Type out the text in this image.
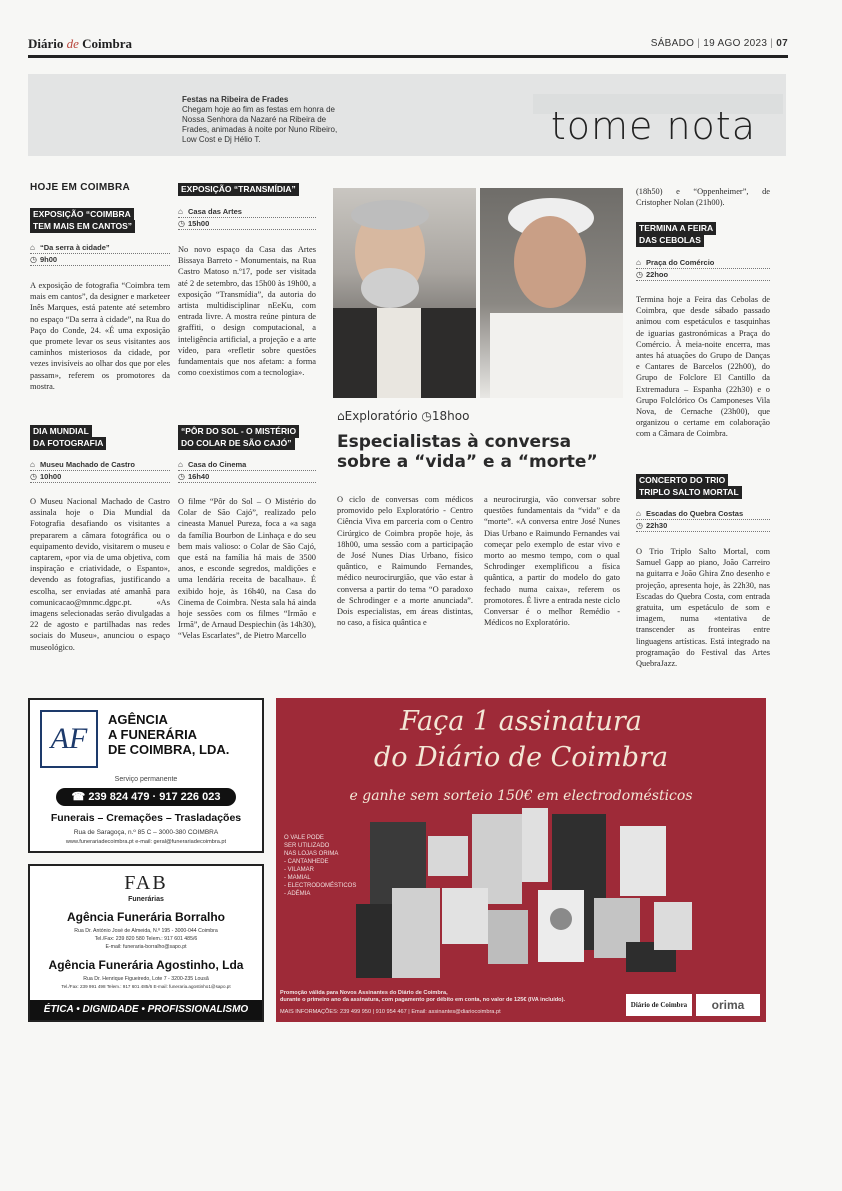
Diário de Coimbra	SÁBADO | 19 AGO 2023 | 07
Festas na Ribeira de Frades
Chegam hoje ao fim as festas em honra de Nossa Senhora da Nazaré na Ribeira de Frades, animadas à noite por Nuno Ribeiro, Low Cost e Dj Hélio T.	tome nota
HOJE EM COIMBRA
EXPOSIÇÃO “COIMBRA
TEM MAIS EM CANTOS”
⌂ “Da serra à cidade”
◷ 9h00
A exposição de fotografia “Coimbra tem mais em cantos”, da designer e marketeer Inês Marques, está patente até setembro no espaço “Da serra à cidade”, na Rua do Paço do Conde, 24. «É uma exposição que promete levar os seus visitantes aos caminhos misteriosos da cidade, por vezes invisíveis ao olhar dos que por eles passam», referem os promotores da mostra.
DIA MUNDIAL
DA FOTOGRAFIA
⌂ Museu Machado de Castro
◷ 10h00
O Museu Nacional Machado de Castro assinala hoje o Dia Mundial da Fotografia desafiando os visitantes a prepararem a câmara fotográfica ou o equipamento devido, visitarem o museu e captarem, «por via de uma objetiva, com inspiração e criatividade, o Espanto», devendo as fotografias, justificando a escolha, ser enviadas até amanhã para comunicacao@mnmc.dgpc.pt. «As imagens selecionadas serão divulgadas a 22 de agosto e partilhadas nas redes sociais do Museu», anunciou o espaço museológico.
EXPOSIÇÃO “TRANSMÍDIA”
⌂ Casa das Artes
◷ 15h00
No novo espaço da Casa das Artes Bissaya Barreto - Monumentais, na Rua Castro Matoso n.º17, pode ser visitada até 2 de setembro, das 15h00 às 19h00, a exposição “Transmídia”, da autoria do artista multidisciplinar nEeKu, com entrada livre. A mostra reúne pintura de graffiti, o design computacional, a inteligência artificial, a projeção e a arte vídeo, para «refletir sobre questões fundamentais que nos afetam: a forma como coexistimos com a tecnologia».
“PÔR DO SOL - O MISTÉRIO
DO COLAR DE SÃO CAJÓ”
⌂ Casa do Cinema
◷ 16h40
O filme “Pôr do Sol – O Mistério do Colar de São Cajó”, realizado pelo cineasta Manuel Pureza, foca a «a saga da família Bourbon de Linhaça e do seu bem mais valioso: o Colar de São Cajó, que está na família há mais de 3500 anos, e esconde segredos, maldições e uma lendária receita de bacalhau». É exibido hoje, às 16h40, na Casa do Cinema de Coimbra. Nesta sala há ainda hoje sessões com os filmes “Irmão e Irmã”, de Arnaud Despiechin (às 14h30), “Velas Escarlates”, de Pietro Marcello
⌂Exploratório ◷18hoo
Especialistas à conversa sobre a “vida” e a “morte”
O ciclo de conversas com médicos promovido pelo Exploratório - Centro Ciência Viva em parceria com o Centro Cirúrgico de Coimbra propõe hoje, às 18h00, uma sessão com a participação de José Nunes Dias Urbano, físico quântico, e Raimundo Fernandes, médico neurocirurgião, que vão estar à conversa a partir do tema “O paradoxo de Schrodinger e a morte anunciada”. Dois especialistas, em áreas distintas, no caso, a física quântica e
a neurocirurgia, vão conversar sobre questões fundamentais da “vida” e da “morte”. «A conversa entre José Nunes Dias Urbano e Raimundo Fernandes vai começar pelo exemplo de estar vivo e morto ao mesmo tempo, com o qual Schrodinger exemplificou a física quântica, a partir do modelo do gato fechado numa caixa», referem os promotores. É livre a entrada neste ciclo Conversar é o melhor Remédio - Médicos no Exploratório.
(18h50) e “Oppenheimer”, de Cristopher Nolan (21h00).
TERMINA A FEIRA
DAS CEBOLAS
⌂ Praça do Comércio
◷ 22hoo
Termina hoje a Feira das Cebolas de Coimbra, que desde sábado passado animou com espetáculos e tasquinhas de iguarias gastronómicas a Praça do Comércio. À meia-noite encerra, mas antes há atuações do Grupo de Danças e Cantares de Barcelos (22h00), do Grupo de Folclore El Cantillo da Extremadura – Espanha (22h30) e o Grupo Folclórico Os Camponeses Vila Nova, de Cernache (23h00), que organizou o certame em colaboração com a Câmara de Coimbra.
CONCERTO DO TRIO
TRIPLO SALTO MORTAL
⌂ Escadas do Quebra Costas
◷ 22h30
O Trio Triplo Salto Mortal, com Samuel Gapp ao piano, João Carreiro na guitarra e João Ghira Zno desenho e projeção, apresenta hoje, às 22h30, nas Escadas do Quebra Costa, com entrada gratuita, um espetáculo de som e imagem, numa «tentativa de transcender as fronteiras entre linguagens artísticas. Está integrado na programação do Festival das Artes QuebraJazz.
AF
AGÊNCIA
A FUNERÁRIA
DE COIMBRA, LDA.
Serviço permanente
☎ 239 824 479 · 917 226 023
Funerais – Cremações – Trasladações
Rua de Saragoça, n.º 85 C – 3000-380 COIMBRA
www.funerariadecoimbra.pt e-mail: geral@funerariadecoimbra.pt
FAB
Funerárias
Agência Funerária Borralho
Rua Dr. António José de Almeida, N.º 195 - 3000-044 Coimbra
Tel./Fax: 239 820 580 Telem.: 917 601 485/6
E-mail: funeraria-borralho@sapo.pt
Agência Funerária Agostinho, Lda
Rua Dr. Henrique Figueiredo, Lote 7 - 3200-235 Lousã
Tel./Fax: 239 991 498 Telem.: 917 601 485/6 E-mail: funeraria.agostinho1@sapo.pt
ÉTICA • DIGNIDADE • PROFISSIONALISMO
Faça 1 assinatura
do Diário de Coimbra
e ganhe sem sorteio 150€ em electrodomésticos
O VALE PODE
SER UTILIZADO
NAS LOJAS ORIMA
- CANTANHEDE
- VILAMAR
- MAMIAL
- ELECTRODOMÉSTICOS
- ADÉMIA
Promoção válida para Novos Assinantes do Diário de Coimbra,
durante o primeiro ano da assinatura, com pagamento por débito em conta, no valor de 125€ (IVA incluído).
MAIS INFORMAÇÕES: 239 499 950 | 910 954 467 | Email: assinantes@diariocoimbra.pt
Diário de Coimbra	orima
